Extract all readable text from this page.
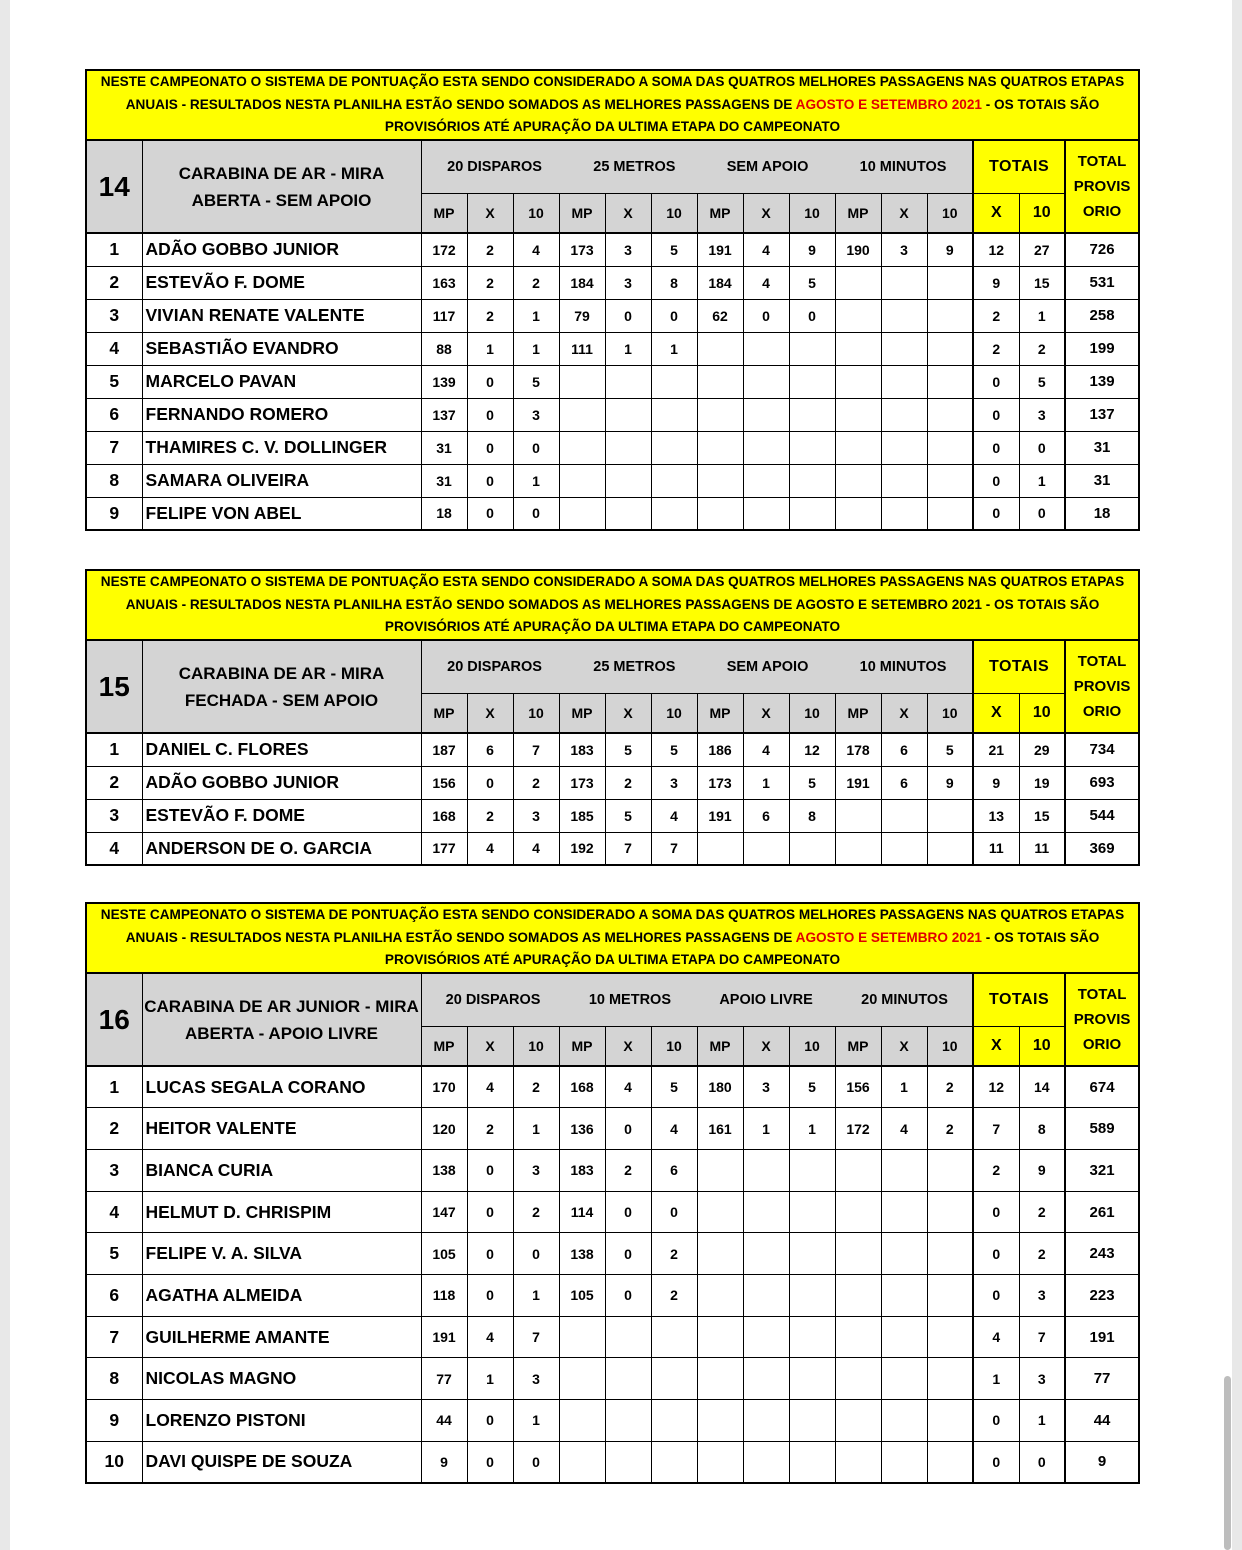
NESTE CAMPEONATO O SISTEMA DE PONTUAÇÃO ESTA SENDO CONSIDERADO A SOMA DAS QUATROS MELHORES PASSAGENS NAS QUATROS ETAPAS ANUAIS - RESULTADOS NESTA PLANILHA ESTÃO SENDO SOMADOS AS MELHORES PASSAGENS DE AGOSTO E SETEMBRO 2021 - OS TOTAIS SÃO PROVISÓRIOS ATÉ APURAÇÃO DA ULTIMA ETAPA DO CAMPEONATO
14	CARABINA DE AR - MIRA ABERTA - SEM APOIO	20 DISPAROS 25 METROS SEM APOIO 10 MINUTOS												TOTAIS		TOTAL PROVIS ORIO
		MP	X	10	MP	X	10	MP	X	10	MP	X	10	X	10	
1	ADÃO GOBBO JUNIOR	172	2	4	173	3	5	191	4	9	190	3	9	12	27	726
2	ESTEVÃO F. DOME	163	2	2	184	3	8	184	4	5				9	15	531
3	VIVIAN RENATE VALENTE	117	2	1	79	0	0	62	0	0				2	1	258
4	SEBASTIÃO EVANDRO	88	1	1	111	1	1							2	2	199
5	MARCELO PAVAN	139	0	5										0	5	139
6	FERNANDO ROMERO	137	0	3										0	3	137
7	THAMIRES C. V. DOLLINGER	31	0	0										0	0	31
8	SAMARA OLIVEIRA	31	0	1										0	1	31
9	FELIPE VON ABEL	18	0	0										0	0	18
NESTE CAMPEONATO O SISTEMA DE PONTUAÇÃO ESTA SENDO CONSIDERADO A SOMA DAS QUATROS MELHORES PASSAGENS NAS QUATROS ETAPAS ANUAIS - RESULTADOS NESTA PLANILHA ESTÃO SENDO SOMADOS AS MELHORES PASSAGENS DE AGOSTO E SETEMBRO 2021 - OS TOTAIS SÃO PROVISÓRIOS ATÉ APURAÇÃO DA ULTIMA ETAPA DO CAMPEONATO
15	CARABINA DE AR - MIRA FECHADA - SEM APOIO	20 DISPAROS 25 METROS SEM APOIO 10 MINUTOS												TOTAIS		TOTAL PROVIS ORIO
		MP	X	10	MP	X	10	MP	X	10	MP	X	10	X	10	
1	DANIEL C. FLORES	187	6	7	183	5	5	186	4	12	178	6	5	21	29	734
2	ADÃO GOBBO JUNIOR	156	0	2	173	2	3	173	1	5	191	6	9	9	19	693
3	ESTEVÃO F. DOME	168	2	3	185	5	4	191	6	8				13	15	544
4	ANDERSON DE O. GARCIA	177	4	4	192	7	7							11	11	369
NESTE CAMPEONATO O SISTEMA DE PONTUAÇÃO ESTA SENDO CONSIDERADO A SOMA DAS QUATROS MELHORES PASSAGENS NAS QUATROS ETAPAS ANUAIS - RESULTADOS NESTA PLANILHA ESTÃO SENDO SOMADOS AS MELHORES PASSAGENS DE AGOSTO E SETEMBRO 2021 - OS TOTAIS SÃO PROVISÓRIOS ATÉ APURAÇÃO DA ULTIMA ETAPA DO CAMPEONATO
16	CARABINA DE AR JUNIOR - MIRA ABERTA - APOIO LIVRE	20 DISPAROS 10 METROS APOIO LIVRE 20 MINUTOS												TOTAIS		TOTAL PROVIS ORIO
		MP	X	10	MP	X	10	MP	X	10	MP	X	10	X	10	
1	LUCAS SEGALA CORANO	170	4	2	168	4	5	180	3	5	156	1	2	12	14	674
2	HEITOR VALENTE	120	2	1	136	0	4	161	1	1	172	4	2	7	8	589
3	BIANCA CURIA	138	0	3	183	2	6							2	9	321
4	HELMUT D. CHRISPIM	147	0	2	114	0	0							0	2	261
5	FELIPE V. A. SILVA	105	0	0	138	0	2							0	2	243
6	AGATHA ALMEIDA	118	0	1	105	0	2							0	3	223
7	GUILHERME AMANTE	191	4	7										4	7	191
8	NICOLAS MAGNO	77	1	3										1	3	77
9	LORENZO PISTONI	44	0	1										0	1	44
10	DAVI QUISPE DE SOUZA	9	0	0										0	0	9
